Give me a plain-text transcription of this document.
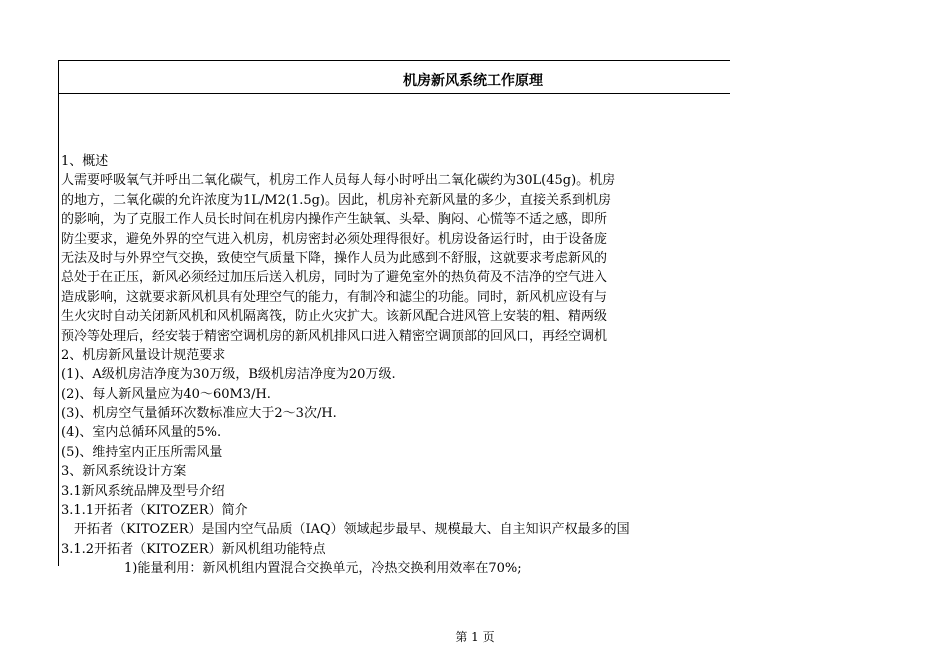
机房新风系统工作原理
1、概述
人需要呼吸氧气并呼出二氧化碳气，机房工作人员每人每小时呼出二氧化碳约为30L(45g)。机房
的地方，二氧化碳的允许浓度为1L/M2(1.5g)。因此，机房补充新风量的多少，直接关系到机房
的影响，为了克服工作人员长时间在机房内操作产生缺氧、头晕、胸闷、心慌等不适之感，即所
防尘要求，避免外界的空气进入机房，机房密封必须处理得很好。机房设备运行时，由于设备庞
无法及时与外界空气交换，致使空气质量下降，操作人员为此感到不舒服，这就要求考虑新风的
总处于在正压，新风必须经过加压后送入机房，同时为了避免室外的热负荷及不洁净的空气进入
造成影响，这就要求新风机具有处理空气的能力，有制冷和滤尘的功能。同时，新风机应设有与
生火灾时自动关闭新风机和风机隔离筏，防止火灾扩大。该新风配合进风管上安装的粗、精两级
预冷等处理后，经安装于精密空调机房的新风机排风口进入精密空调顶部的回风口，再经空调机
2、机房新风量设计规范要求
(1)、A级机房洁净度为30万级，B级机房洁净度为20万级.
(2)、每人新风量应为40～60M3/H.
(3)、机房空气量循环次数标准应大于2～3次/H.
(4)、室内总循环风量的5%.
(5)、维持室内正压所需风量
3、新风系统设计方案
3.1新风系统品牌及型号介绍
3.1.1开拓者（KITOZER）简介
开拓者（KITOZER）是国内空气品质（IAQ）领域起步最早、规模最大、自主知识产权最多的国
3.1.2开拓者（KITOZER）新风机组功能特点
1)能量利用：新风机组内置混合交换单元，冷热交换利用效率在70%;
第 1 页
